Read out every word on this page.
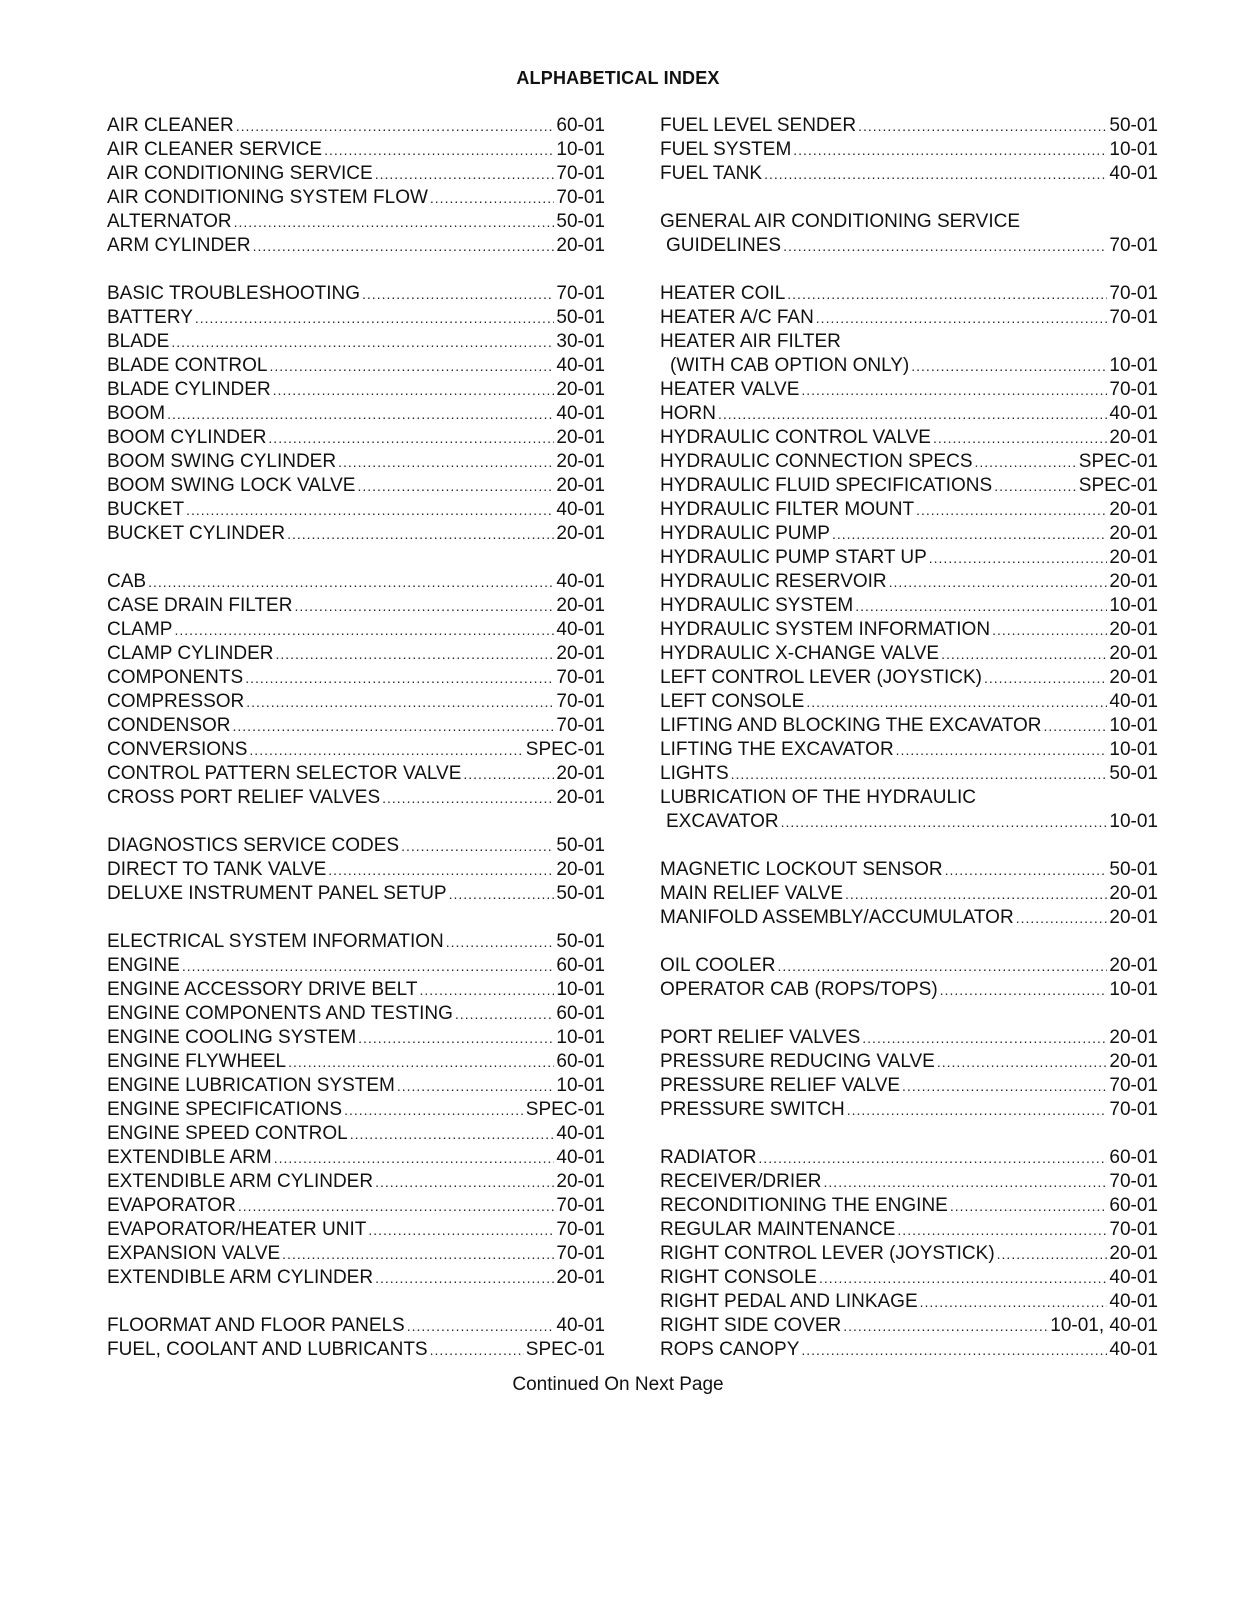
ALPHABETICAL INDEX
AIR CLEANER .....	60-01
AIR CLEANER SERVICE .....	10-01
AIR CONDITIONING SERVICE .....	70-01
AIR CONDITIONING SYSTEM FLOW .....	70-01
ALTERNATOR .....	50-01
ARM CYLINDER .....	20-01
BASIC TROUBLESHOOTING .....	70-01
BATTERY .....	50-01
BLADE .....	30-01
BLADE CONTROL .....	40-01
BLADE CYLINDER .....	20-01
BOOM .....	40-01
BOOM CYLINDER .....	20-01
BOOM SWING CYLINDER .....	20-01
BOOM SWING LOCK VALVE .....	20-01
BUCKET .....	40-01
BUCKET CYLINDER .....	20-01
CAB .....	40-01
CASE DRAIN FILTER .....	20-01
CLAMP .....	40-01
CLAMP CYLINDER .....	20-01
COMPONENTS .....	70-01
COMPRESSOR .....	70-01
CONDENSOR .....	70-01
CONVERSIONS .....	SPEC-01
CONTROL PATTERN SELECTOR VALVE .....	20-01
CROSS PORT RELIEF VALVES .....	20-01
DIAGNOSTICS SERVICE CODES .....	50-01
DIRECT TO TANK VALVE .....	20-01
DELUXE INSTRUMENT PANEL SETUP .....	50-01
ELECTRICAL SYSTEM INFORMATION .....	50-01
ENGINE .....	60-01
ENGINE ACCESSORY DRIVE BELT .....	10-01
ENGINE COMPONENTS AND TESTING .....	60-01
ENGINE COOLING SYSTEM .....	10-01
ENGINE FLYWHEEL .....	60-01
ENGINE LUBRICATION SYSTEM .....	10-01
ENGINE SPECIFICATIONS .....	SPEC-01
ENGINE SPEED CONTROL .....	40-01
EXTENDIBLE ARM .....	40-01
EXTENDIBLE ARM CYLINDER .....	20-01
EVAPORATOR .....	70-01
EVAPORATOR/HEATER UNIT .....	70-01
EXPANSION VALVE .....	70-01
EXTENDIBLE ARM CYLINDER .....	20-01
FLOORMAT AND FLOOR PANELS .....	40-01
FUEL, COOLANT AND LUBRICANTS .....	SPEC-01
FUEL LEVEL SENDER .....	50-01
FUEL SYSTEM .....	10-01
FUEL TANK .....	40-01
GENERAL AIR CONDITIONING SERVICE
GUIDELINES .....	70-01
HEATER COIL .....	70-01
HEATER A/C FAN .....	70-01
HEATER AIR FILTER
(WITH CAB OPTION ONLY) .....	10-01
HEATER VALVE .....	70-01
HORN .....	40-01
HYDRAULIC CONTROL VALVE .....	20-01
HYDRAULIC CONNECTION SPECS .....	SPEC-01
HYDRAULIC FLUID SPECIFICATIONS .....	SPEC-01
HYDRAULIC FILTER MOUNT .....	20-01
HYDRAULIC PUMP .....	20-01
HYDRAULIC PUMP START UP .....	20-01
HYDRAULIC RESERVOIR .....	20-01
HYDRAULIC SYSTEM .....	10-01
HYDRAULIC SYSTEM INFORMATION .....	20-01
HYDRAULIC X-CHANGE VALVE .....	20-01
LEFT CONTROL LEVER (JOYSTICK) .....	20-01
LEFT CONSOLE .....	40-01
LIFTING AND BLOCKING THE EXCAVATOR .....	10-01
LIFTING THE EXCAVATOR .....	10-01
LIGHTS .....	50-01
LUBRICATION OF THE HYDRAULIC
EXCAVATOR .....	10-01
MAGNETIC LOCKOUT SENSOR .....	50-01
MAIN RELIEF VALVE .....	20-01
MANIFOLD ASSEMBLY/ACCUMULATOR .....	20-01
OIL COOLER .....	20-01
OPERATOR CAB (ROPS/TOPS) .....	10-01
PORT RELIEF VALVES .....	20-01
PRESSURE REDUCING VALVE .....	20-01
PRESSURE RELIEF VALVE .....	70-01
PRESSURE SWITCH .....	70-01
RADIATOR .....	60-01
RECEIVER/DRIER .....	70-01
RECONDITIONING THE ENGINE .....	60-01
REGULAR MAINTENANCE .....	70-01
RIGHT CONTROL LEVER (JOYSTICK) .....	20-01
RIGHT CONSOLE .....	40-01
RIGHT PEDAL AND LINKAGE .....	40-01
RIGHT SIDE COVER .....	10-01, 40-01
ROPS CANOPY .....	40-01
Continued On Next Page
